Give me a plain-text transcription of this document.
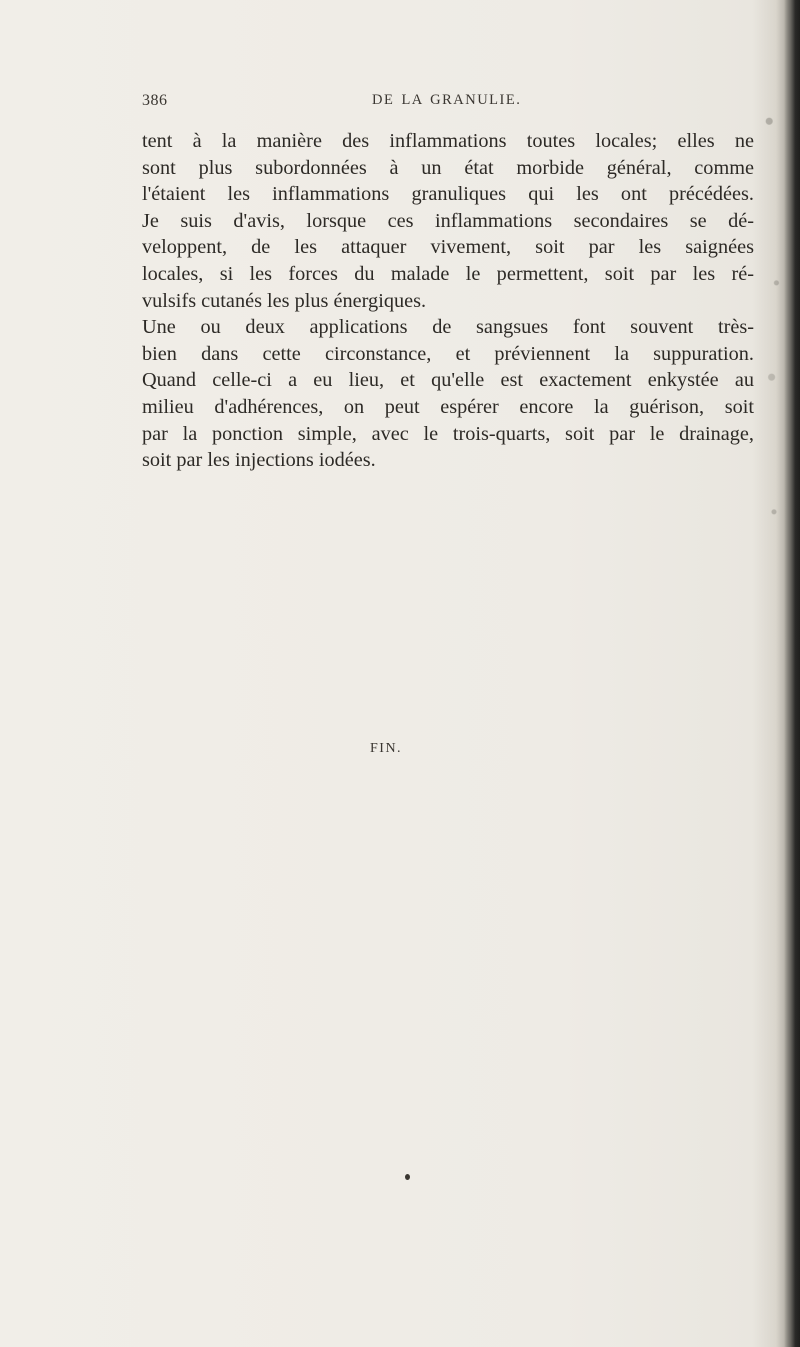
386	DE LA GRANULIE.
tent à la manière des inflammations toutes locales; elles ne
sont plus subordonnées à un état morbide général, comme
l'étaient les inflammations granuliques qui les ont précédées.
Je suis d'avis, lorsque ces inflammations secondaires se dé-
veloppent, de les attaquer vivement, soit par les saignées
locales, si les forces du malade le permettent, soit par les ré-
vulsifs cutanés les plus énergiques.
Une ou deux applications de sangsues font souvent très-
bien dans cette circonstance, et préviennent la suppuration.
Quand celle-ci a eu lieu, et qu'elle est exactement enkystée au
milieu d'adhérences, on peut espérer encore la guérison, soit
par la ponction simple, avec le trois-quarts, soit par le drainage,
soit par les injections iodées.
FIN.
